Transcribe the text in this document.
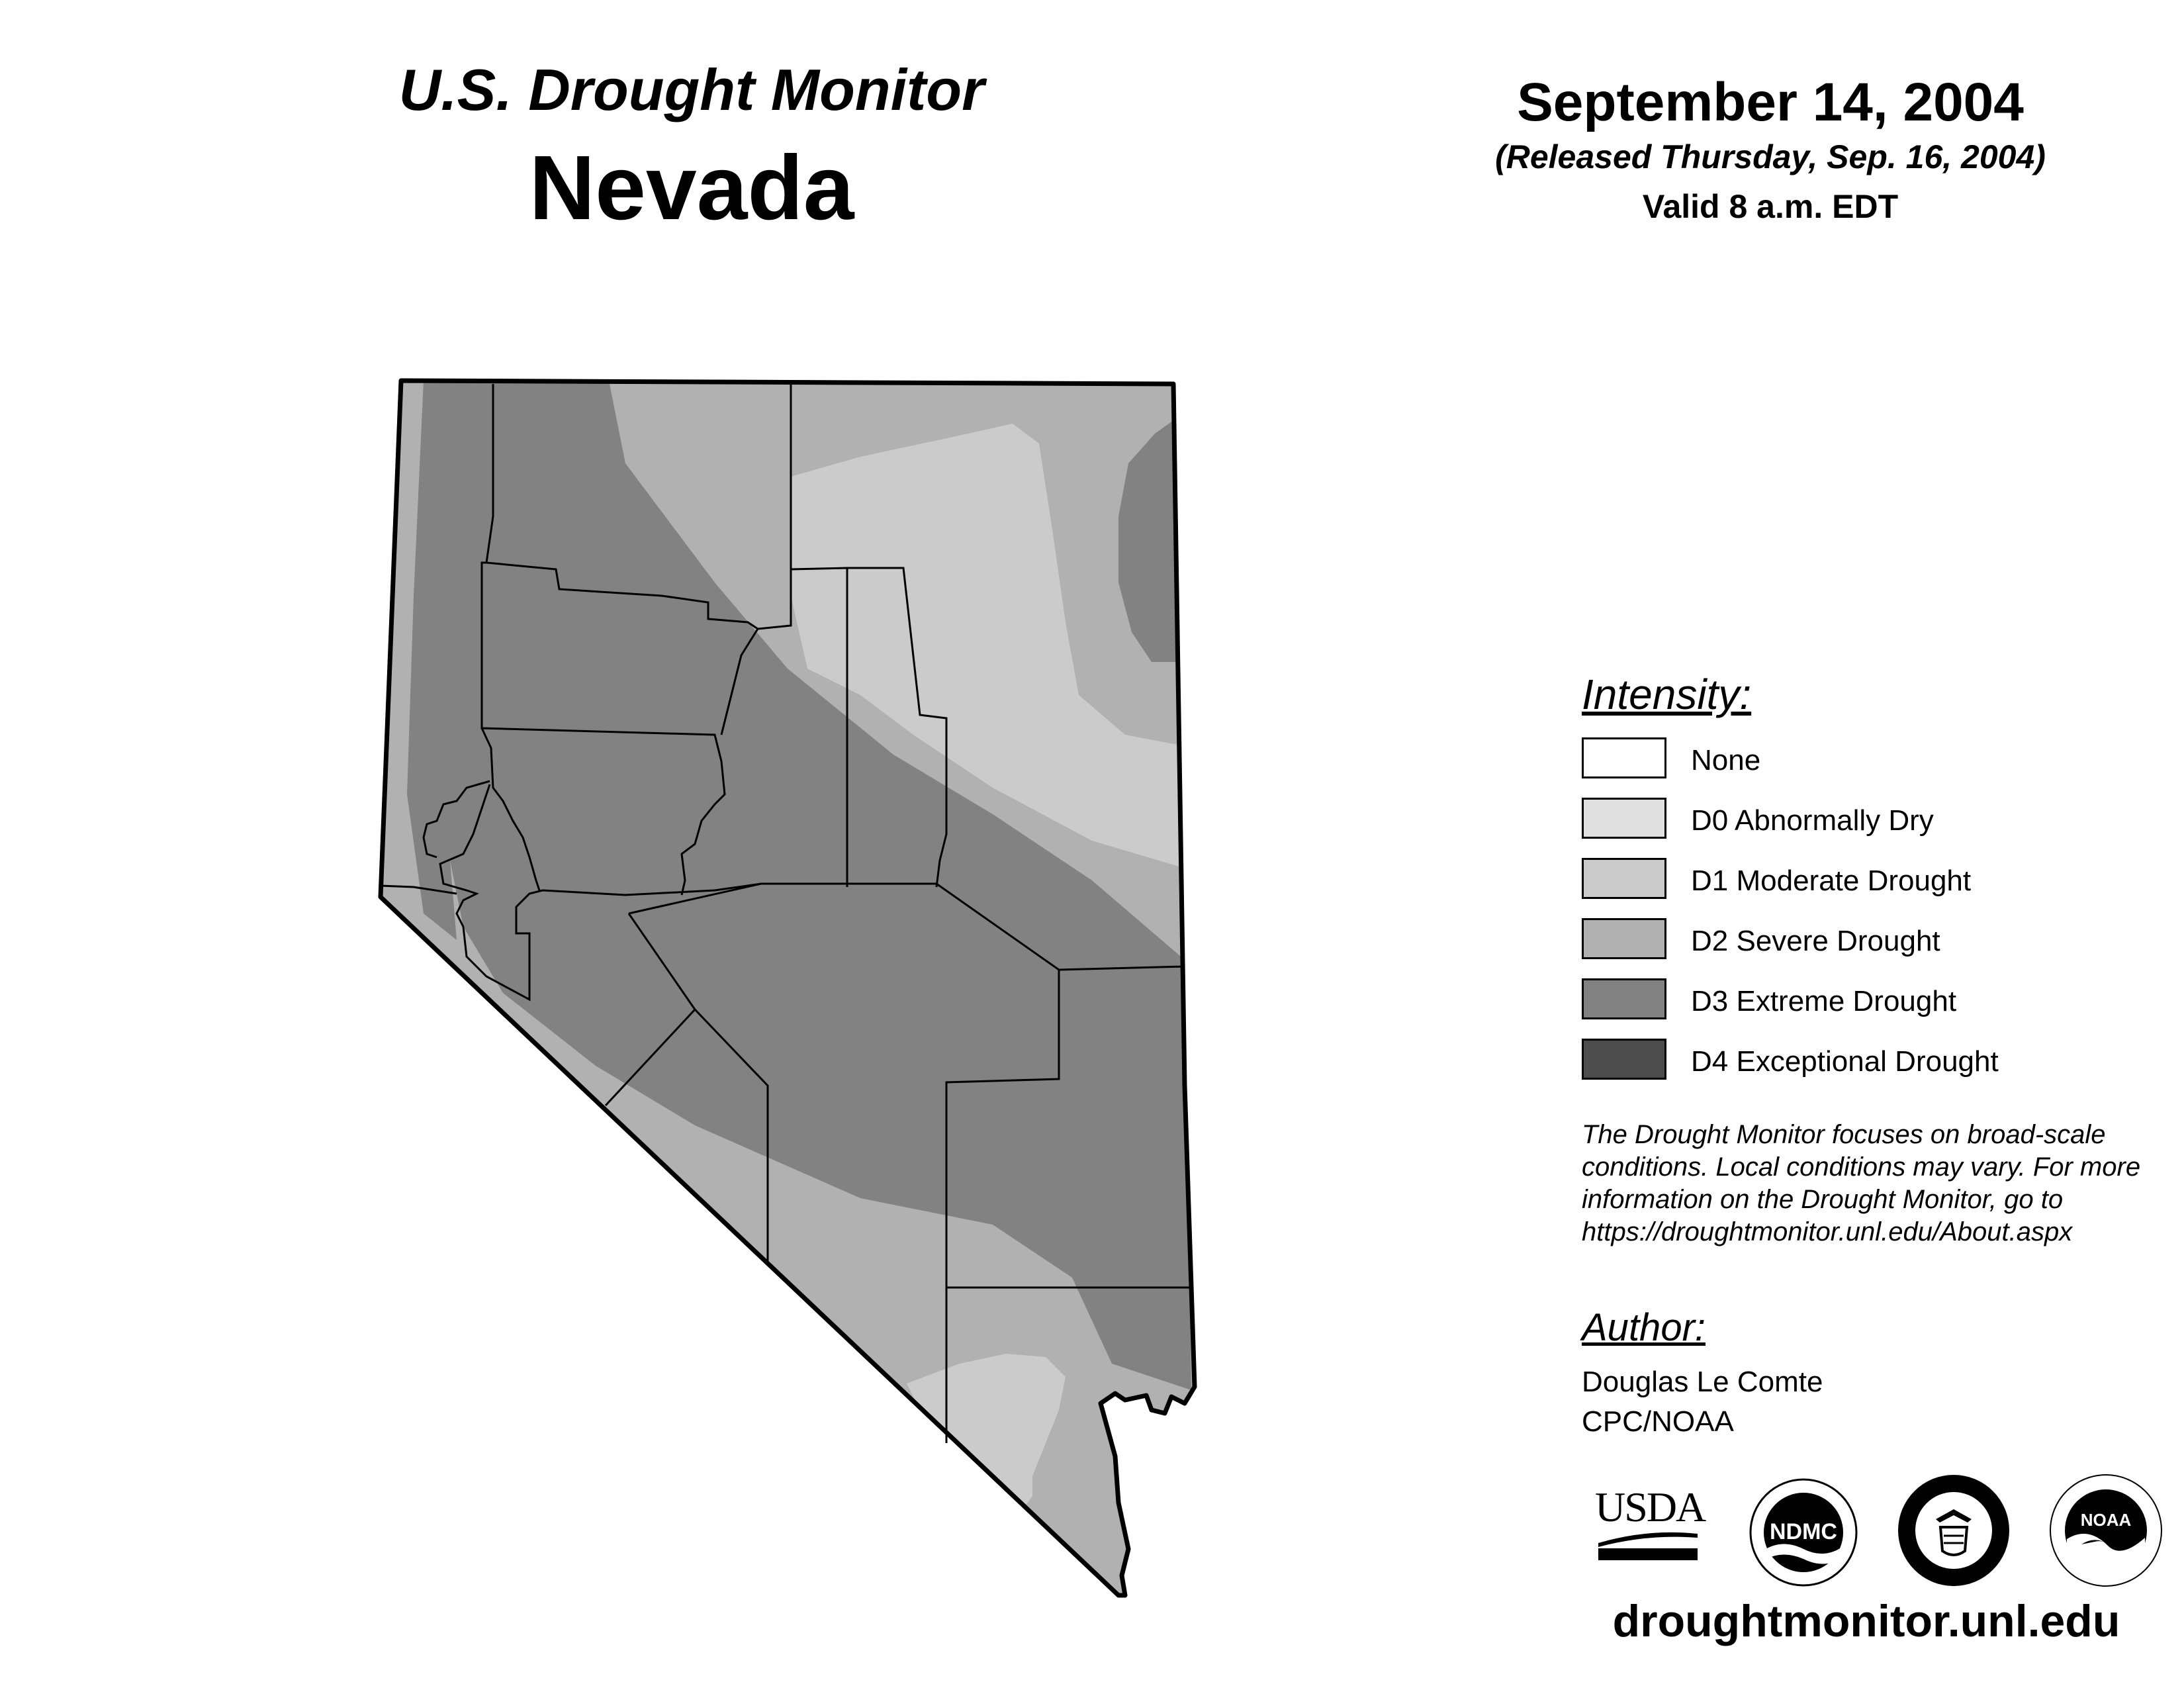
U.S. Drought Monitor
Nevada
September 14, 2004
(Released Thursday, Sep. 16, 2004)
Valid 8 a.m. EDT
Intensity:
None
D0 Abnormally Dry
D1 Moderate Drought
D2 Severe Drought
D3 Extreme Drought
D4 Exceptional Drought
The Drought Monitor focuses on broad-scale conditions. Local conditions may vary. For more information on the Drought Monitor, go to https://droughtmonitor.unl.edu/About.aspx
Author:
Douglas Le Comte
CPC/NOAA
USDA
NDMC	NOAA
droughtmonitor.unl.edu
